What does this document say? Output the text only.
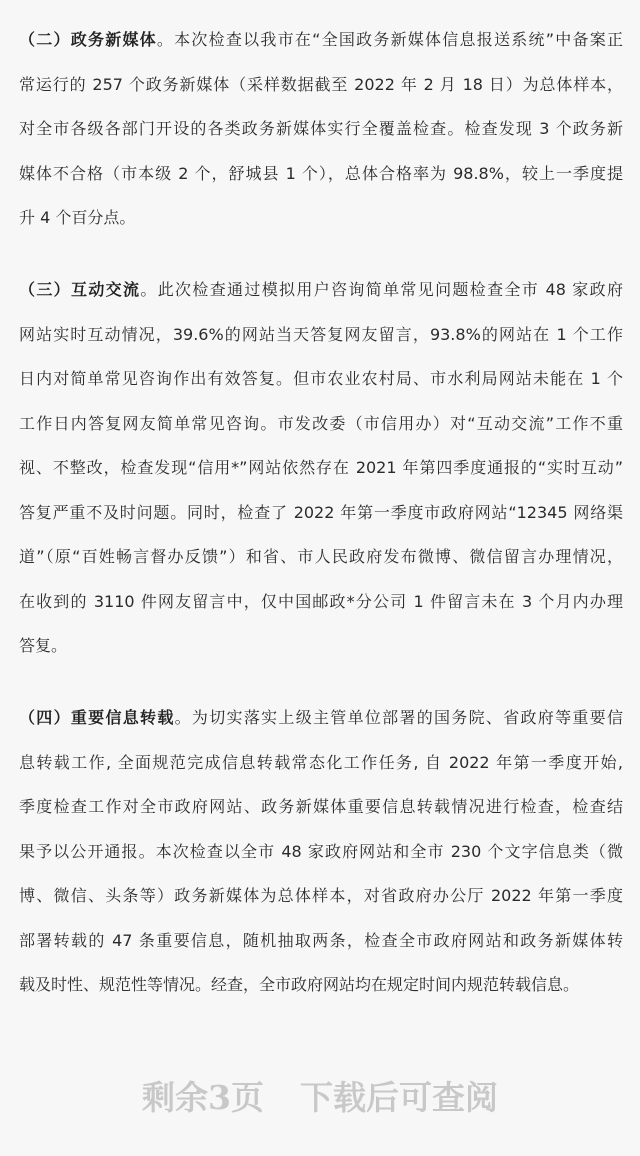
（二）政务新媒体。本次检查以我市在“全国政务新媒体信息报送系统”中备案正
常运行的 257 个政务新媒体（采样数据截至 2022 年 2 月 18 日）为总体样本，
对全市各级各部门开设的各类政务新媒体实行全覆盖检查。检查发现 3 个政务新
媒体不合格（市本级 2 个，舒城县 1 个），总体合格率为 98.8%，较上一季度提
升 4 个百分点。
（三）互动交流。此次检查通过模拟用户咨询简单常见问题检查全市 48 家政府
网站实时互动情况，39.6%的网站当天答复网友留言，93.8%的网站在 1 个工作
日内对简单常见咨询作出有效答复。但市农业农村局、市水利局网站未能在 1 个
工作日内答复网友简单常见咨询。市发改委（市信用办）对“互动交流”工作不重
视、不整改，检查发现“信用*”网站依然存在 2021 年第四季度通报的“实时互动”
答复严重不及时问题。同时，检查了 2022 年第一季度市政府网站“12345 网络渠
道”（原“百姓畅言督办反馈”）和省、市人民政府发布微博、微信留言办理情况，
在收到的 3110 件网友留言中，仅中国邮政*分公司 1 件留言未在 3 个月内办理
答复。
（四）重要信息转载。为切实落实上级主管单位部署的国务院、省政府等重要信
息转载工作, 全面规范完成信息转载常态化工作任务, 自 2022 年第一季度开始,
季度检查工作对全市政府网站、政务新媒体重要信息转载情况进行检查，检查结
果予以公开通报。本次检查以全市 48 家政府网站和全市 230 个文字信息类（微
博、微信、头条等）政务新媒体为总体样本，对省政府办公厅 2022 年第一季度
部署转载的 47 条重要信息，随机抽取两条，检查全市政府网站和政务新媒体转
载及时性、规范性等情况。经查，全市政府网站均在规定时间内规范转载信息。
剩余3页 下载后可查阅
